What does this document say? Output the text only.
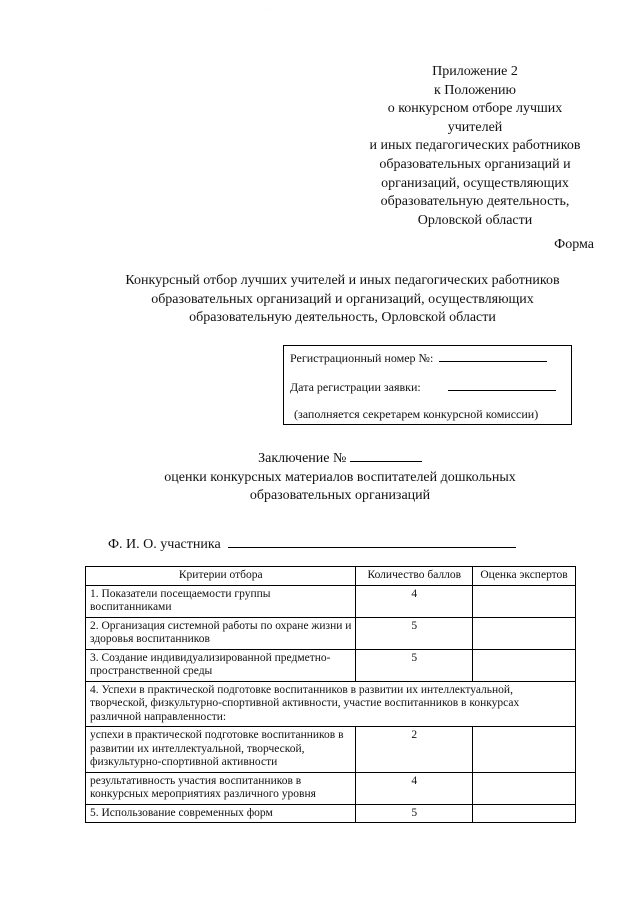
.
Приложение 2
к Положению
о конкурсном отборе лучших
учителей
и иных педагогических работников
образовательных организаций и
организаций, осуществляющих
образовательную деятельность,
Орловской области
Форма
Конкурсный отбор лучших учителей и иных педагогических работников
образовательных организаций и организаций, осуществляющих
образовательную деятельность, Орловской области
Регистрационный номер №:
Дата регистрации заявки:
(заполняется секретарем конкурсной комиссии)
Заключение №
оценки конкурсных материалов воспитателей дошкольных
образовательных организаций
Ф. И. О. участника
Критерии отбора	Количество баллов	Оценка экспертов
1. Показатели посещаемости группы воспитанниками	4	
2. Организация системной работы по охране жизни и здоровья воспитанников	5	
3. Создание индивидуализированной предметно-пространственной среды	5	
4. Успехи в практической подготовке воспитанников в развитии их интеллектуальной, творческой, физкультурно-спортивной активности, участие воспитанников в конкурсах различной направленности:		
успехи в практической подготовке воспитанников в развитии их интеллектуальной, творческой, физкультурно-спортивной активности	2	
результативность участия воспитанников в конкурсных мероприятиях различного уровня	4	
5. Использование современных форм	5	
